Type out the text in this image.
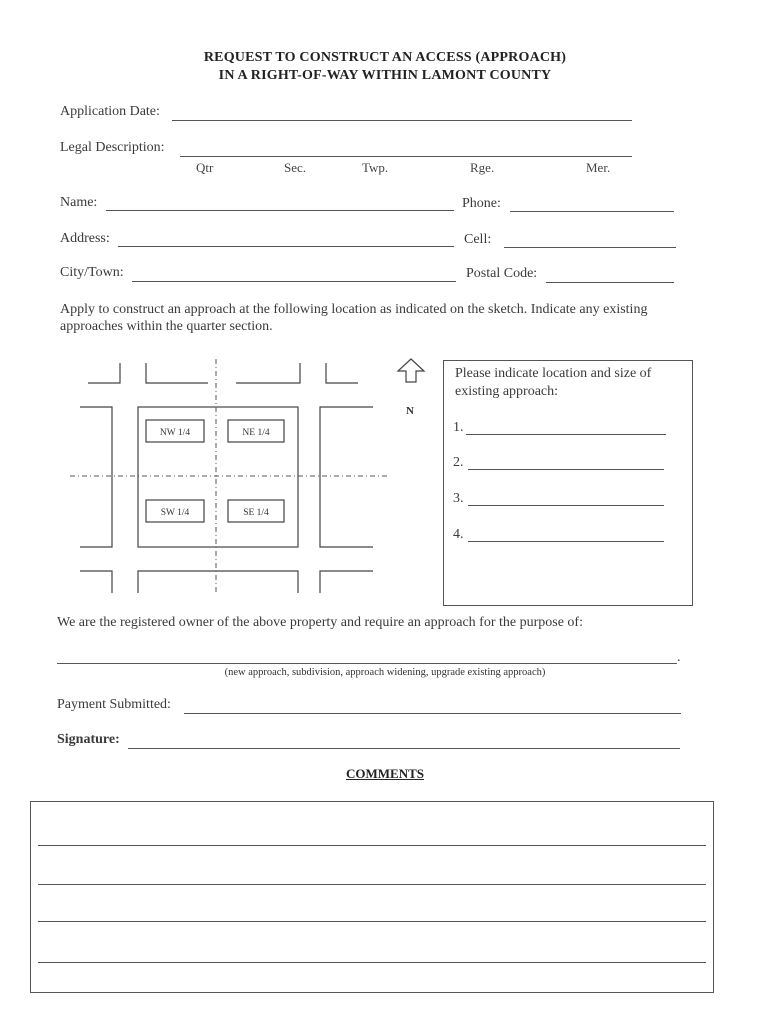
REQUEST TO CONSTRUCT AN ACCESS (APPROACH)
IN A RIGHT-OF-WAY WITHIN LAMONT COUNTY
Application Date:
Legal Description:
Qtr	Sec.	Twp.	Rge.	Mer.
Name:	Phone:
Address:	Cell:
City/Town:	Postal Code:
Apply to construct an approach at the following location as indicated on the sketch. Indicate any existing
approaches within the quarter section.
NW 1/4	NE 1/4
SW 1/4	SE 1/4
N
Please indicate location and size of
existing approach:
1.
2.
3.
4.
We are the registered owner of the above property and require an approach for the purpose of:
.
(new approach, subdivision, approach widening, upgrade existing approach)
Payment Submitted:
Signature:
COMMENTS
